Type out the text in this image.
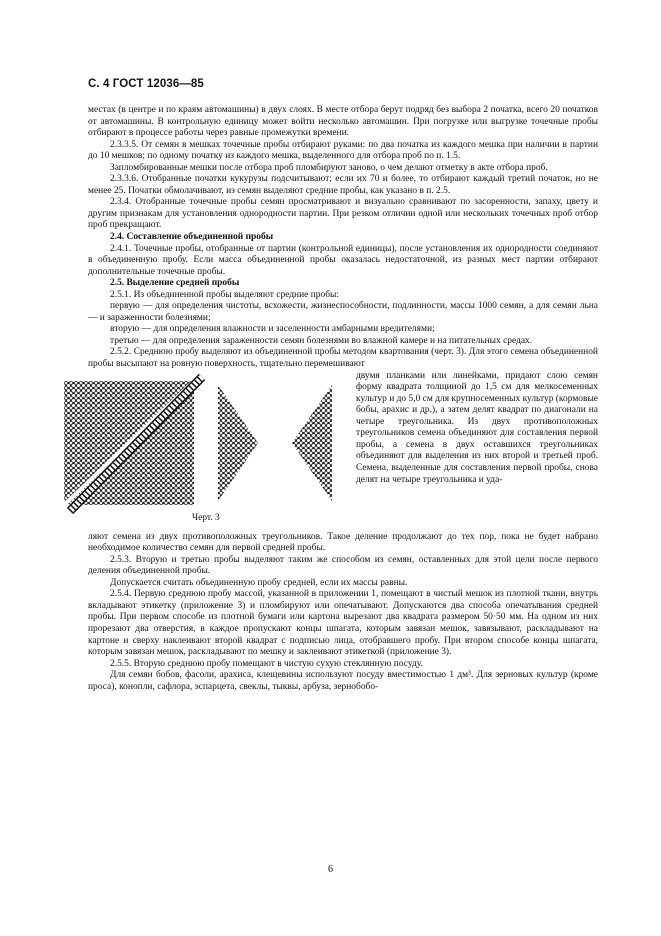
С. 4 ГОСТ 12036—85

местах (в центре и по краям автомашины) в двух слоях. В месте отбора берут подряд без выбора 2 початка, всего 20 початков от автомашины. В контрольную единицу может войти несколько автомашин. При погрузке или выгрузке точечные пробы отбирают в процессе работы через равные промежутки времени.

2.3.3.5. От семян в мешках точечные пробы отбирают руками: по два початка из каждого мешка при наличии в партии до 10 мешков; по одному початку из каждого мешка, выделенного для отбора проб по п. 1.5.

Запломбированные мешки после отбора проб пломбируют заново, о чем делают отметку в акте отбора проб.

2.3.3.6. Отобранные початки кукурузы подсчитывают; если их 70 и более, то отбирают каждый третий початок, но не менее 25. Початки обмолачивают, из семян выделяют средние пробы, как указано в п. 2.5.

2.3.4. Отобранные точечные пробы семян просматривают и визуально сравнивают по засоренности, запаху, цвету и другим признакам для установления однородности партии. При резком отличии одной или нескольких точечных проб отбор проб прекращают.

2.4. Составление объединенной пробы

2.4.1. Точечные пробы, отобранные от партии (контрольной единицы), после установления их однородности соединяют в объединенную пробу. Если масса объединенной пробы оказалась недостаточной, из разных мест партии отбирают дополнительные точечные пробы.

2.5. Выделение средней пробы

2.5.1. Из объединенной пробы выделяют средние пробы:

первую — для определения чистоты, всхожести, жизнеспособности, подлинности, массы 1000 семян, а для семян льна — и зараженности болезнями;

вторую — для определения влажности и заселенности амбарными вредителями;

третью — для определения зараженности семян болезнями во влажной камере и на питательных средах.

2.5.2. Среднюю пробу выделяют из объединенной пробы методом квартования (черт. 3). Для этого семена объединенной пробы высыпают на ровную поверхность, тщательно перемешивают

Черт. 3
двумя планками или линейками, придают слою семян форму квадрата толщиной до 1,5 см для мелкосеменных культур и до 5,0 см для крупносеменных культур (кормовые бобы, арахис и др.), а затем делят квадрат по диагонали на четыре треугольника. Из двух противоположных треугольников семена объединяют для составления первой пробы, а семена в двух оставшихся треугольниках объединяют для выделения из них второй и третьей проб. Семена, выделенные для составления первой пробы, снова делят на четыре треугольника и уда-

ляют семена из двух противоположных треугольников. Такое деление продолжают до тех пор, пока не будет набрано необходимое количество семян для первой средней пробы.

2.5.3. Вторую и третью пробы выделяют таким же способом из семян, оставленных для этой цели после первого деления объединенной пробы.

Допускается считать объединенную пробу средней, если их массы равны.

2.5.4. Первую среднюю пробу массой, указанной в приложении 1, помещают в чистый мешок из плотной ткани, внутрь вкладывают этикетку (приложение 3) и пломбируют или опечатывают. Допускаются два способа опечатывания средней пробы. При первом способе из плотной бумаги или картона вырезают два квадрата размером 50·50 мм. На одном из них прорезают два отверстия, в каждое пропускают концы шпагата, которым завязан мешок, завязывают, раскладывают на картоне и сверху наклеивают второй квадрат с подписью лица, отобравшего пробу. При втором способе концы шпагата, которым завязан мешок, раскладывают по мешку и заклеивают этикеткой (приложение 3).

2.5.5. Вторую среднюю пробу помещают в чистую сухую стеклянную посуду.

Для семян бобов, фасоли, арахиса, клещевины используют посуду вместимостью 1 дм³. Для зерновых культур (кроме проса), конопли, сафлора, эспарцета, свеклы, тыквы, арбуза, зернобобо-

6
